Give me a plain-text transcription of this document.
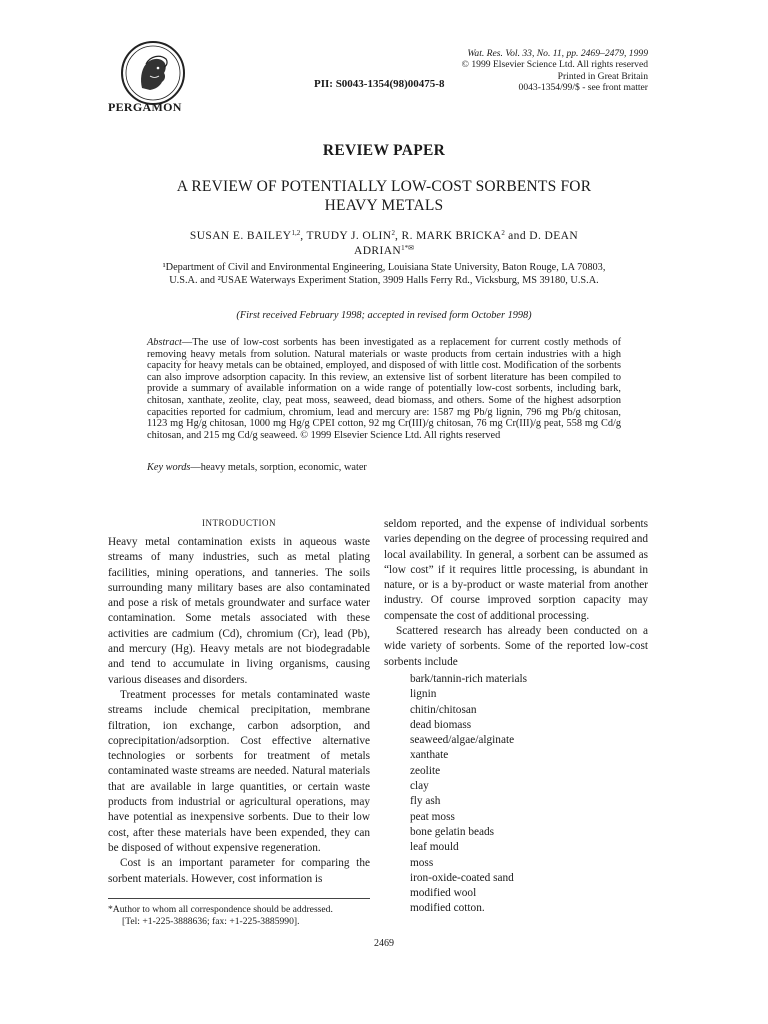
PERGAMON
PII: S0043-1354(98)00475-8
Wat. Res. Vol. 33, No. 11, pp. 2469–2479, 1999
© 1999 Elsevier Science Ltd. All rights reserved
Printed in Great Britain
0043-1354/99/$ - see front matter
REVIEW PAPER
A REVIEW OF POTENTIALLY LOW-COST SORBENTS FOR
HEAVY METALS
SUSAN E. BAILEY$^{1,2}$, TRUDY J. OLIN$^2$, R. MARK BRICKA$^2$ and D. DEAN $ADRIAN^{1*✉}$
¹Department of Civil and Environmental Engineering, Louisiana State University, Baton Rouge, LA 70803, U.S.A. and ²USAE Waterways Experiment Station, 3909 Halls Ferry Rd., Vicksburg, MS 39180, U.S.A.
(First received February 1998; accepted in revised form October 1998)
Abstract—The use of low-cost sorbents has been investigated as a replacement for current costly methods of removing heavy metals from solution. Natural materials or waste products from certain industries with a high capacity for heavy metals can be obtained, employed, and disposed of with little cost. Modification of the sorbents can also improve adsorption capacity. In this review, an extensive list of sorbent literature has been compiled to provide a summary of available information on a wide range of potentially low-cost sorbents, including bark, chitosan, xanthate, zeolite, clay, peat moss, seaweed, dead biomass, and others. Some of the highest adsorption capacities reported for cadmium, chromium, lead and mercury are: 1587 mg Pb/g lignin, 796 mg Pb/g chitosan, 1123 mg Hg/g chitosan, 1000 mg Hg/g CPEI cotton, 92 mg Cr(III)/g chitosan, 76 mg Cr(III)/g peat, 558 mg Cd/g chitosan, and 215 mg Cd/g seaweed. © 1999 Elsevier Science Ltd. All rights reserved
Key words—heavy metals, sorption, economic, water
INTRODUCTION

Heavy metal contamination exists in aqueous waste streams of many industries, such as metal plating facilities, mining operations, and tanneries. The soils surrounding many military bases are also contaminated and pose a risk of metals groundwater and surface water contamination. Some metals associated with these activities are cadmium (Cd), chromium (Cr), lead (Pb), and mercury (Hg). Heavy metals are not biodegradable and tend to accumulate in living organisms, causing various diseases and disorders.

Treatment processes for metals contaminated waste streams include chemical precipitation, membrane filtration, ion exchange, carbon adsorption, and coprecipitation/adsorption. Cost effective alternative technologies or sorbents for treatment of metals contaminated waste streams are needed. Natural materials that are available in large quantities, or certain waste products from industrial or agricultural operations, may have potential as inexpensive sorbents. Due to their low cost, after these materials have been expended, they can be disposed of without expensive regeneration.

Cost is an important parameter for comparing the sorbent materials. However, cost information is

seldom reported, and the expense of individual sorbents varies depending on the degree of processing required and local availability. In general, a sorbent can be assumed as “low cost” if it requires little processing, is abundant in nature, or is a by-product or waste material from another industry. Of course improved sorption capacity may compensate the cost of additional processing.

Scattered research has already been conducted on a wide variety of sorbents. Some of the reported low-cost sorbents include

bark/tannin-rich materials
lignin
chitin/chitosan
dead biomass
seaweed/algae/alginate
xanthate
zeolite
clay
fly ash
peat moss
bone gelatin beads
leaf mould
moss
iron-oxide-coated sand
modified wool
modified cotton.
*Author to whom all correspondence should be addressed.
[Tel: +1-225-3888636; fax: +1-225-3885990].
2469
